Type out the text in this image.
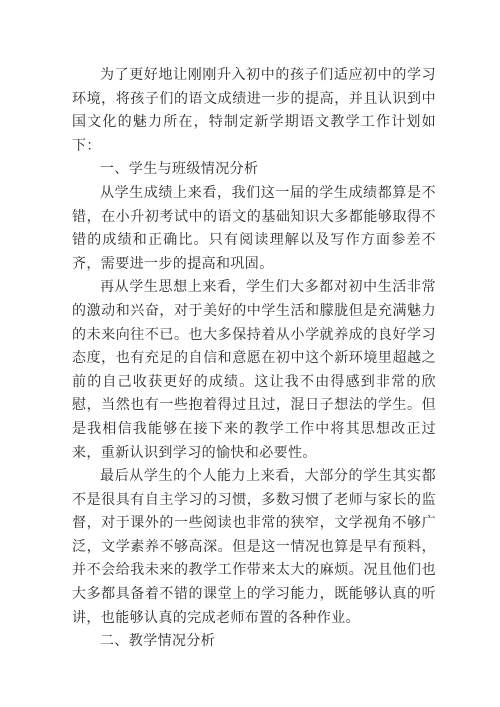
为了更好地让刚刚升入初中的孩子们适应初中的学习环境，将孩子们的语文成绩进一步的提高，并且认识到中国文化的魅力所在，特制定新学期语文教学工作计划如下：

一、学生与班级情况分析

从学生成绩上来看，我们这一届的学生成绩都算是不错，在小升初考试中的语文的基础知识大多都能够取得不错的成绩和正确比。只有阅读理解以及写作方面参差不齐，需要进一步的提高和巩固。

再从学生思想上来看，学生们大多都对初中生活非常的激动和兴奋，对于美好的中学生活和朦胧但是充满魅力的未来向往不已。也大多保持着从小学就养成的良好学习态度，也有充足的自信和意愿在初中这个新环境里超越之前的自己收获更好的成绩。这让我不由得感到非常的欣慰，当然也有一些抱着得过且过，混日子想法的学生。但是我相信我能够在接下来的教学工作中将其思想改正过来，重新认识到学习的愉快和必要性。

最后从学生的个人能力上来看，大部分的学生其实都不是很具有自主学习的习惯，多数习惯了老师与家长的监督，对于课外的一些阅读也非常的狭窄，文学视角不够广泛，文学素养不够高深。但是这一情况也算是早有预料，并不会给我未来的教学工作带来太大的麻烦。况且他们也大多都具备着不错的课堂上的学习能力，既能够认真的听讲，也能够认真的完成老师布置的各种作业。

二、教学情况分析
